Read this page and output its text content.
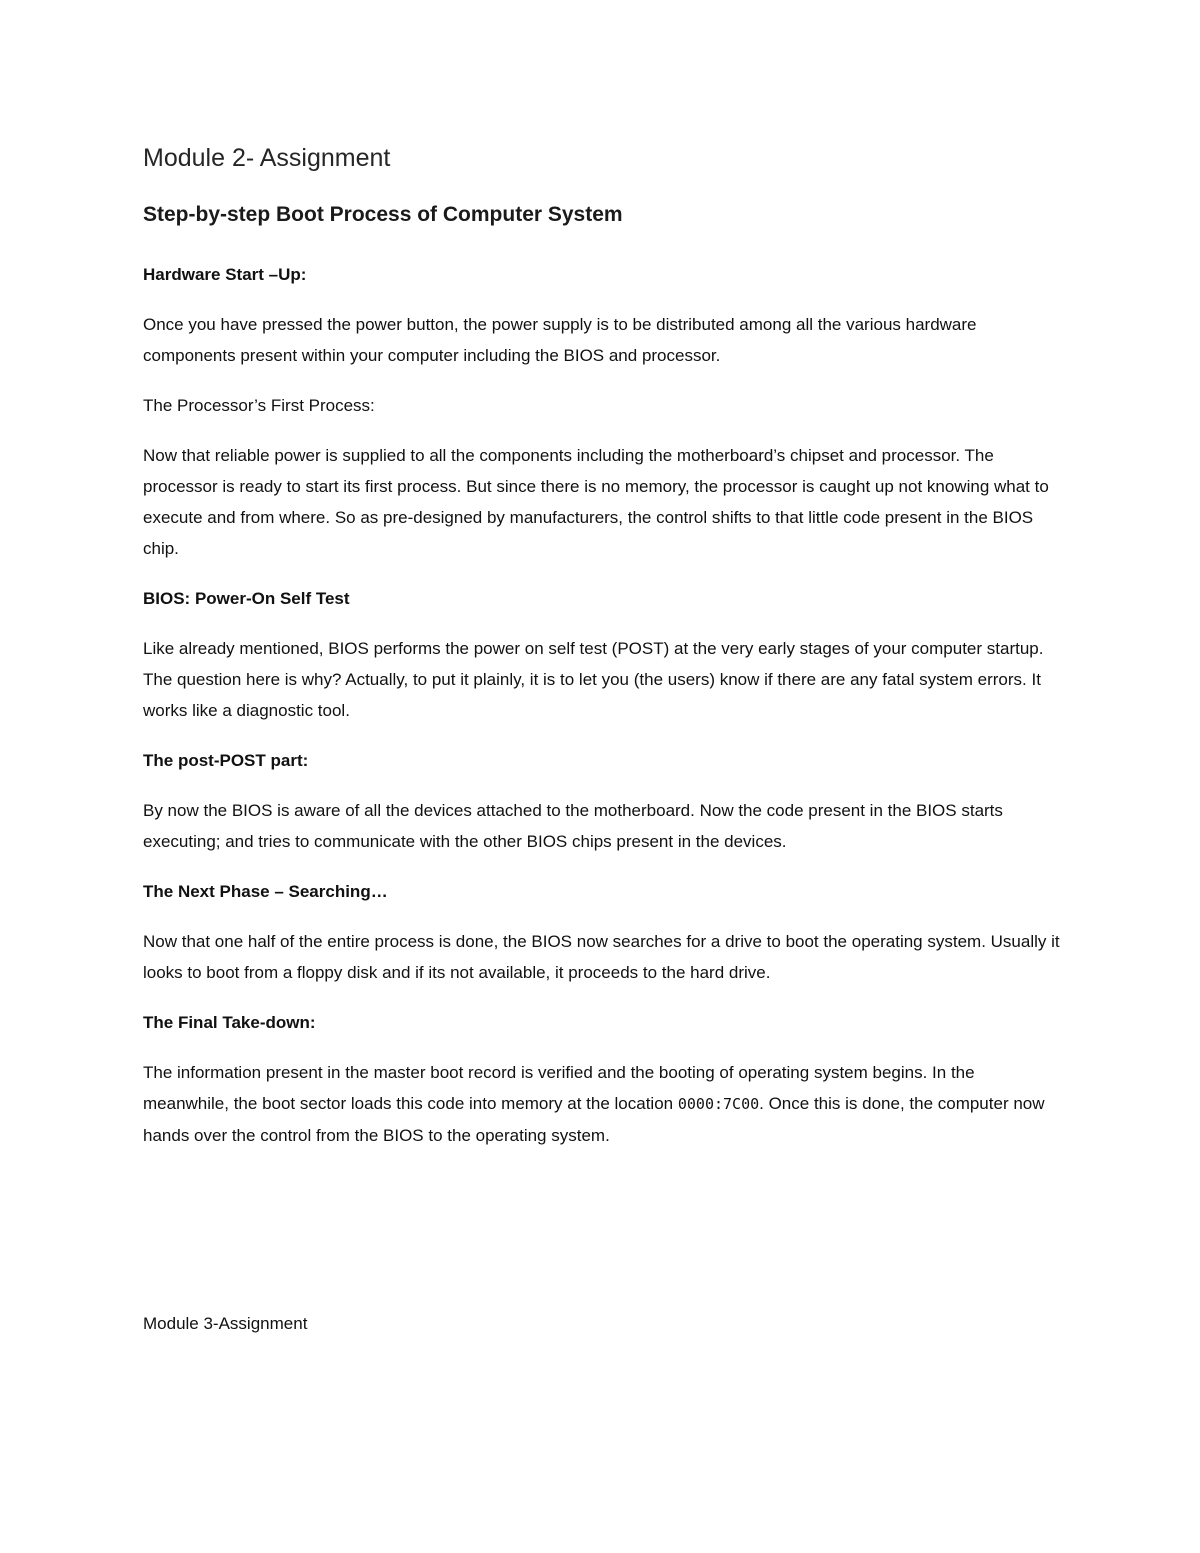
Module 2- Assignment
Step-by-step Boot Process of Computer System

Hardware Start –Up:

Once you have pressed the power button, the power supply is to be distributed among all the various hardware components present within your computer including the BIOS and processor.

The Processor’s First Process:

Now that reliable power is supplied to all the components including the motherboard’s chipset and processor. The processor is ready to start its first process. But since there is no memory, the processor is caught up not knowing what to execute and from where. So as pre-designed by manufacturers, the control shifts to that little code present in the BIOS chip.

BIOS: Power-On Self Test

Like already mentioned, BIOS performs the power on self test (POST) at the very early stages of your computer startup. The question here is why? Actually, to put it plainly, it is to let you (the users) know if there are any fatal system errors. It works like a diagnostic tool.

The post-POST part:

By now the BIOS is aware of all the devices attached to the motherboard. Now the code present in the BIOS starts executing; and tries to communicate with the other BIOS chips present in the devices.

The Next Phase – Searching…

Now that one half of the entire process is done, the BIOS now searches for a drive to boot the operating system. Usually it looks to boot from a floppy disk and if its not available, it proceeds to the hard drive.

The Final Take-down:

The information present in the master boot record is verified and the booting of operating system begins. In the meanwhile, the boot sector loads this code into memory at the location 0000:7C00. Once this is done, the computer now hands over the control from the BIOS to the operating system.

Module 3-Assignment
